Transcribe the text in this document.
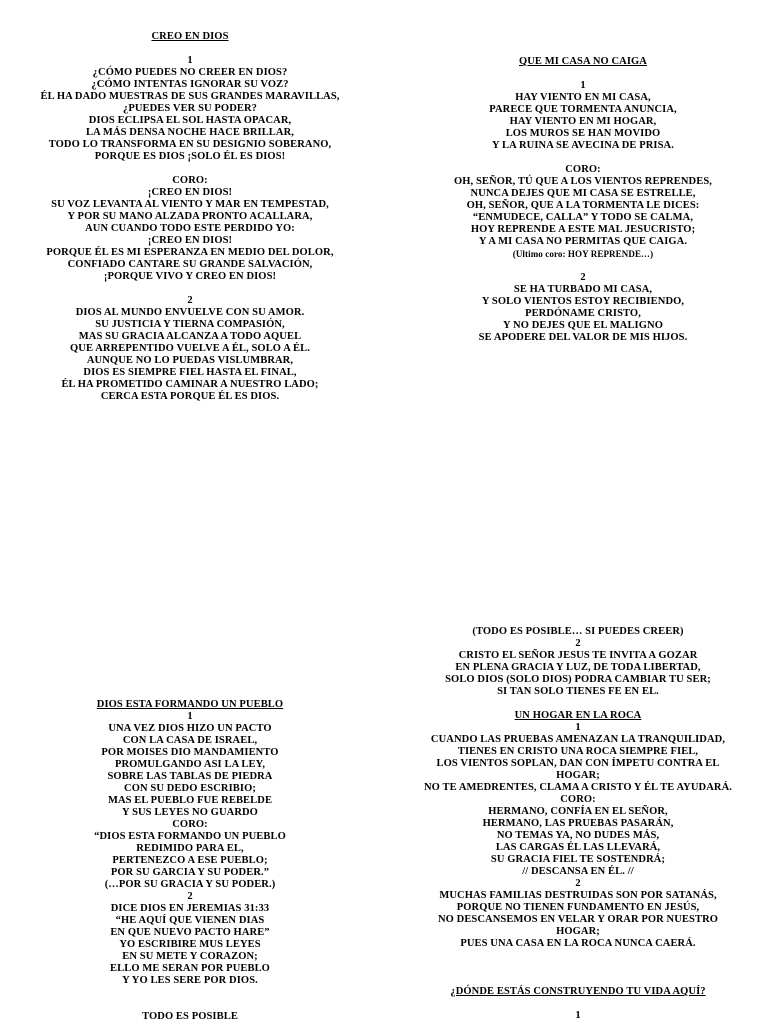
CREO EN DIOS
1
¿CÓMO PUEDES NO CREER EN DIOS?
¿CÓMO INTENTAS IGNORAR SU VOZ?
ÉL HA DADO MUESTRAS DE SUS GRANDES MARAVILLAS,
¿PUEDES VER SU PODER?
DIOS ECLIPSA EL SOL HASTA OPACAR,
LA MÁS DENSA NOCHE HACE BRILLAR,
TODO LO TRANSFORMA EN SU DESIGNIO SOBERANO,
PORQUE ES DIOS ¡SOLO ÉL ES DIOS!
CORO:
¡CREO EN DIOS!
SU VOZ LEVANTA AL VIENTO Y MAR EN TEMPESTAD,
Y POR SU MANO ALZADA PRONTO ACALLARA,
AUN CUANDO TODO ESTE PERDIDO YO:
¡CREO EN DIOS!
PORQUE ÉL ES MI ESPERANZA EN MEDIO DEL DOLOR,
CONFIADO CANTARE SU GRANDE SALVACIÓN,
¡PORQUE VIVO Y CREO EN DIOS!
2
DIOS AL MUNDO ENVUELVE CON SU AMOR.
SU JUSTICIA Y TIERNA COMPASIÓN,
MAS SU GRACIA ALCANZA A TODO AQUEL
QUE ARREPENTIDO VUELVE A ÉL, SOLO A ÉL.
AUNQUE NO LO PUEDAS VISLUMBRAR,
DIOS ES SIEMPRE FIEL HASTA EL FINAL,
ÉL HA PROMETIDO CAMINAR A NUESTRO LADO;
CERCA ESTA PORQUE ÉL ES DIOS.
QUE MI CASA NO CAIGA
1
HAY VIENTO EN MI CASA,
PARECE QUE TORMENTA ANUNCIA,
HAY VIENTO EN MI HOGAR,
LOS MUROS SE HAN MOVIDO
Y LA RUINA SE AVECINA DE PRISA.
CORO:
OH, SEÑOR, TÚ QUE A LOS VIENTOS REPRENDES,
NUNCA DEJES QUE MI CASA SE ESTRELLE,
OH, SEÑOR, QUE A LA TORMENTA LE DICES:
“ENMUDECE, CALLA” Y TODO SE CALMA,
HOY REPRENDE A ESTE MAL JESUCRISTO;
Y A MI CASA NO PERMITAS QUE CAIGA.
(Ultimo coro: HOY REPRENDE…)
2
SE HA TURBADO MI CASA,
Y SOLO VIENTOS ESTOY RECIBIENDO,
PERDÓNAME CRISTO,
Y NO DEJES QUE EL MALIGNO
SE APODERE DEL VALOR DE MIS HIJOS.
DIOS ESTA FORMANDO UN PUEBLO
1
UNA VEZ DIOS HIZO UN PACTO
CON LA CASA DE ISRAEL,
POR MOISES DIO MANDAMIENTO
PROMULGANDO ASI LA LEY,
SOBRE LAS TABLAS DE PIEDRA
CON SU DEDO ESCRIBIO;
MAS EL PUEBLO FUE REBELDE
Y SUS LEYES NO GUARDO
CORO:
“DIOS ESTA FORMANDO UN PUEBLO
REDIMIDO PARA EL,
PERTENEZCO A ESE PUEBLO;
POR SU GARCIA Y SU PODER.”
(…POR SU GRACIA Y SU PODER.)
2
DICE DIOS EN JEREMIAS 31:33
“HE AQUÍ QUE VIENEN DIAS
EN QUE NUEVO PACTO HARE”
YO ESCRIBIRE MUS LEYES
EN SU METE Y CORAZON;
ELLO ME SERAN POR PUEBLO
Y YO LES SERE POR DIOS.
TODO ES POSIBLE
(TODO ES POSIBLE… SI PUEDES CREER)
2
CRISTO EL SEÑOR JESUS TE INVITA A GOZAR
EN PLENA GRACIA Y LUZ, DE TODA LIBERTAD,
SOLO DIOS (SOLO DIOS) PODRA CAMBIAR TU SER;
SI TAN SOLO TIENES FE EN EL.
UN HOGAR EN LA ROCA
1
CUANDO LAS PRUEBAS AMENAZAN LA TRANQUILIDAD,
TIENES EN CRISTO UNA ROCA SIEMPRE FIEL,
LOS VIENTOS SOPLAN, DAN CON ÍMPETU CONTRA EL
HOGAR;
NO TE AMEDRENTES, CLAMA A CRISTO Y ÉL TE AYUDARÁ.
CORO:
HERMANO, CONFÍA EN EL SEÑOR,
HERMANO, LAS PRUEBAS PASARÁN,
NO TEMAS YA, NO DUDES MÁS,
LAS CARGAS ÉL LAS LLEVARÁ,
SU GRACIA FIEL TE SOSTENDRÁ;
// DESCANSA EN ÉL. //
2
MUCHAS FAMILIAS DESTRUIDAS SON POR SATANÁS,
PORQUE NO TIENEN FUNDAMENTO EN JESÚS,
NO DESCANSEMOS EN VELAR Y ORAR POR NUESTRO
HOGAR;
PUES UNA CASA EN LA ROCA NUNCA CAERÁ.
¿DÓNDE ESTÁS CONSTRUYENDO TU VIDA AQUÍ?
1
